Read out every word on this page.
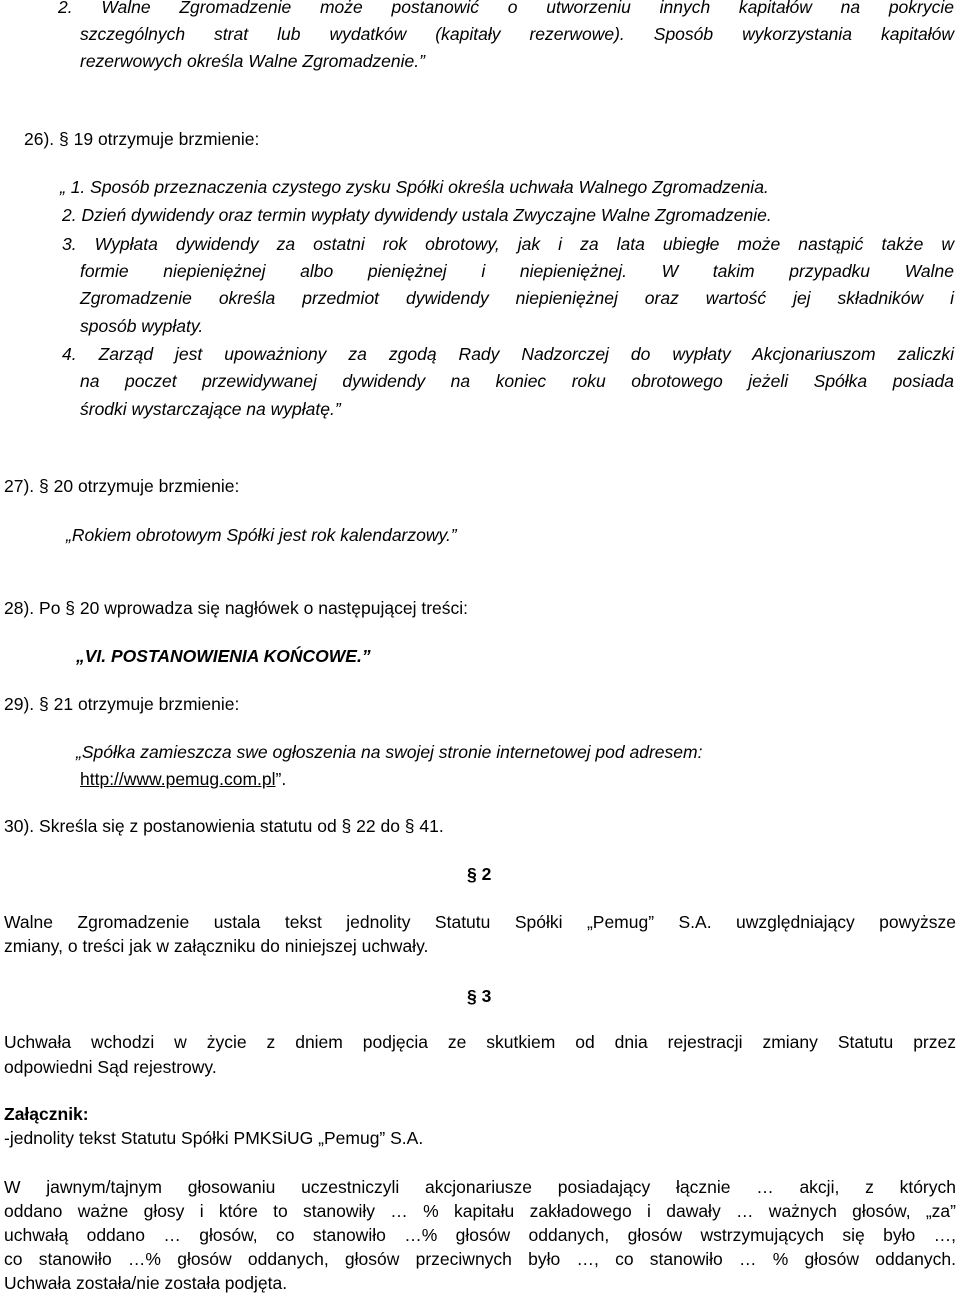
2. Walne Zgromadzenie może postanowić o utworzeniu innych kapitałów na pokrycie
szczególnych strat lub wydatków (kapitały rezerwowe). Sposób wykorzystania kapitałów
rezerwowych określa Walne Zgromadzenie.”
26). § 19 otrzymuje brzmienie:
„ 1. Sposób przeznaczenia czystego zysku Spółki określa uchwała Walnego Zgromadzenia.
2. Dzień dywidendy oraz termin wypłaty dywidendy ustala Zwyczajne Walne Zgromadzenie.
3. Wypłata dywidendy za ostatni rok obrotowy, jak i za lata ubiegłe może nastąpić także w
formie niepieniężnej albo pieniężnej i niepieniężnej. W takim przypadku Walne
Zgromadzenie określa przedmiot dywidendy niepieniężnej oraz wartość jej składników i
sposób wypłaty.
4. Zarząd jest upoważniony za zgodą Rady Nadzorczej do wypłaty Akcjonariuszom zaliczki
na poczet przewidywanej dywidendy na koniec roku obrotowego jeżeli Spółka posiada
środki wystarczające na wypłatę.”
27). § 20 otrzymuje brzmienie:
„Rokiem obrotowym Spółki jest rok kalendarzowy.”
28). Po § 20 wprowadza się nagłówek o następującej treści:
„VI. POSTANOWIENIA KOŃCOWE.”
29). § 21 otrzymuje brzmienie:
„Spółka zamieszcza swe ogłoszenia na swojej stronie internetowej pod adresem:
http://www.pemug.com.pl”.
30). Skreśla się z postanowienia statutu od § 22 do § 41.
§ 2
Walne Zgromadzenie ustala tekst jednolity Statutu Spółki „Pemug” S.A. uwzględniający powyższe
zmiany, o treści jak w załączniku do niniejszej uchwały.
§ 3
Uchwała wchodzi w życie z dniem podjęcia ze skutkiem od dnia rejestracji zmiany Statutu przez
odpowiedni Sąd rejestrowy.
Załącznik:
-jednolity tekst Statutu Spółki PMKSiUG „Pemug” S.A.
W jawnym/tajnym głosowaniu uczestniczyli akcjonariusze posiadający łącznie … akcji, z których
oddano ważne głosy i które to stanowiły … % kapitału zakładowego i dawały … ważnych głosów, „za”
uchwałą oddano … głosów, co stanowiło …% głosów oddanych, głosów wstrzymujących się było …,
co stanowiło …% głosów oddanych, głosów przeciwnych było …, co stanowiło … % głosów oddanych.
Uchwała została/nie została podjęta.
